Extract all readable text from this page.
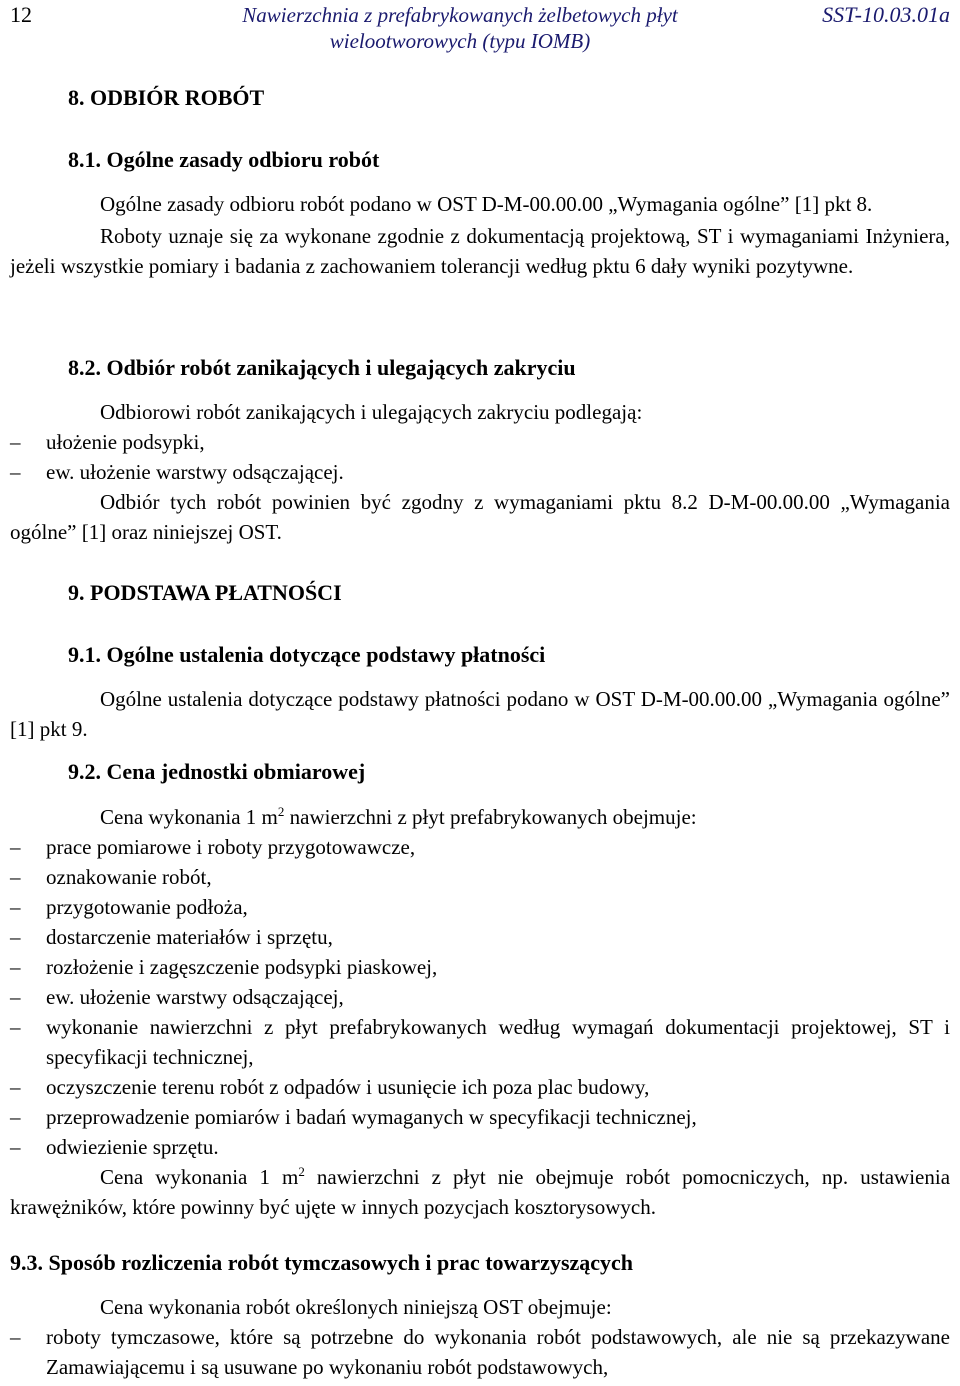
12	Nawierzchnia z prefabrykowanych żelbetowych płyt wielootworowych (typu IOMB)
SST-10.03.01a
8. ODBIÓR ROBÓT
8.1. Ogólne zasady odbioru robót

Ogólne zasady odbioru robót podano w OST D-M-00.00.00 „Wymagania ogólne” [1] pkt 8.

Roboty uznaje się za wykonane zgodnie z dokumentacją projektową, ST i wymaganiami Inżyniera, jeżeli wszystkie pomiary i badania z zachowaniem tolerancji według pktu 6 dały wyniki pozytywne.

8.2. Odbiór robót zanikających i ulegających zakryciu

Odbiorowi robót zanikających i ulegających zakryciu podlegają:

– ułożenie podsypki,
– ew. ułożenie warstwy odsączającej.

Odbiór tych robót powinien być zgodny z wymaganiami pktu 8.2 D-M-00.00.00 „Wymagania ogólne” [1] oraz niniejszej OST.

9. PODSTAWA PŁATNOŚCI
9.1. Ogólne ustalenia dotyczące podstawy płatności

Ogólne ustalenia dotyczące podstawy płatności podano w OST D-M-00.00.00 „Wymagania ogólne” [1] pkt 9.

9.2. Cena jednostki obmiarowej

Cena wykonania 1 $m^2$ nawierzchni z płyt prefabrykowanych obejmuje:

– prace pomiarowe i roboty przygotowawcze,
– oznakowanie robót,
– przygotowanie podłoża,
– dostarczenie materiałów i sprzętu,
– rozłożenie i zagęszczenie podsypki piaskowej,
– ew. ułożenie warstwy odsączającej,
– wykonanie nawierzchni z płyt prefabrykowanych według wymagań dokumentacji projektowej, ST i specyfikacji technicznej,
– oczyszczenie terenu robót z odpadów i usunięcie ich poza plac budowy,
– przeprowadzenie pomiarów i badań wymaganych w specyfikacji technicznej,
– odwiezienie sprzętu.

Cena wykonania 1 $m^2$ nawierzchni z płyt nie obejmuje robót pomocniczych, np. ustawienia krawężników, które powinny być ujęte w innych pozycjach kosztorysowych.

9.3. Sposób rozliczenia robót tymczasowych i prac towarzyszących

Cena wykonania robót określonych niniejszą OST obejmuje:

– roboty tymczasowe, które są potrzebne do wykonania robót podstawowych, ale nie są przekazywane Zamawiającemu i są usuwane po wykonaniu robót podstawowych,
